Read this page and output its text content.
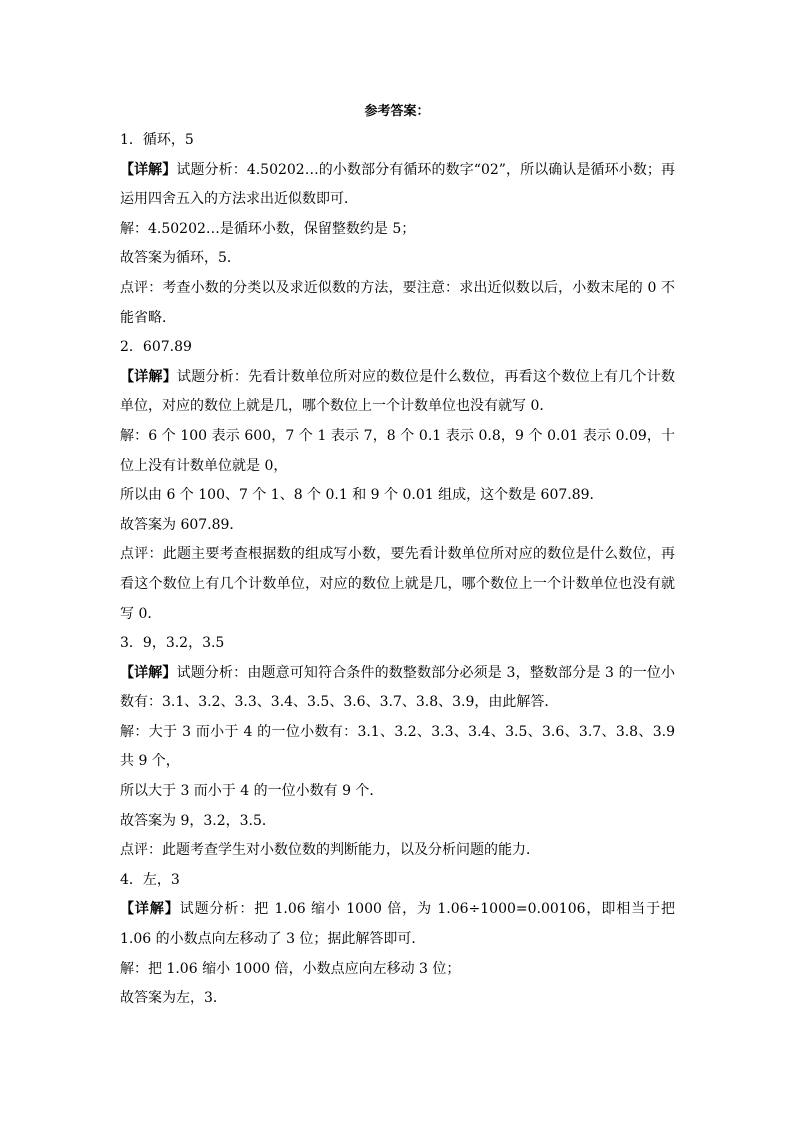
参考答案：
1．循环，5
【详解】试题分析：4.50202…的小数部分有循环的数字“02”，所以确认是循环小数；再运用四舍五入的方法求出近似数即可．
解：4.50202…是循环小数，保留整数约是 5；
故答案为循环，5．
点评：考查小数的分类以及求近似数的方法，要注意：求出近似数以后，小数末尾的 0 不能省略．
2．607.89
【详解】试题分析：先看计数单位所对应的数位是什么数位，再看这个数位上有几个计数单位，对应的数位上就是几，哪个数位上一个计数单位也没有就写 0．
解：6 个 100 表示 600，7 个 1 表示 7，8 个 0.1 表示 0.8，9 个 0.01 表示 0.09，十位上没有计数单位就是 0，
所以由 6 个 100、7 个 1、8 个 0.1 和 9 个 0.01 组成，这个数是 607.89．
故答案为 607.89．
点评：此题主要考查根据数的组成写小数，要先看计数单位所对应的数位是什么数位，再看这个数位上有几个计数单位，对应的数位上就是几，哪个数位上一个计数单位也没有就写 0．
3．9，3.2，3.5
【详解】试题分析：由题意可知符合条件的数整数部分必须是 3，整数部分是 3 的一位小数有：3.1、3.2、3.3、3.4、3.5、3.6、3.7、3.8、3.9，由此解答．
解：大于 3 而小于 4 的一位小数有：3.1、3.2、3.3、3.4、3.5、3.6、3.7、3.8、3.9 共 9 个，
所以大于 3 而小于 4 的一位小数有 9 个．
故答案为 9，3.2，3.5．
点评：此题考查学生对小数位数的判断能力，以及分析问题的能力．
4．左，3
【详解】试题分析：把 1.06 缩小 1000 倍，为 1.06÷1000=0.00106，即相当于把 1.06 的小数点向左移动了 3 位；据此解答即可．
解：把 1.06 缩小 1000 倍，小数点应向左移动 3 位；
故答案为左，3．
